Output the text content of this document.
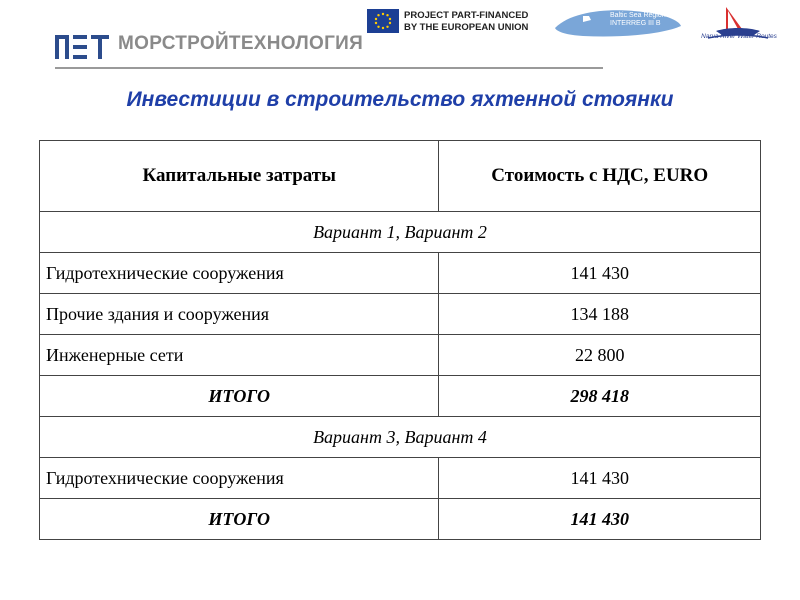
МОРСТРОЙТЕХНОЛОГИЯ
PROJECT PART-FINANCED
BY THE EUROPEAN UNION
Baltic Sea Region
INTERREG III B
Narva River Water Routes
Инвестиции в строительство яхтенной стоянки
Капитальные затраты	Стоимость с НДС, EURO
Вариант 1, Вариант 2	
Гидротехнические сооружения	141 430
Прочие здания и сооружения	134 188
Инженерные сети	22 800
ИТОГО	298 418
Вариант 3, Вариант 4	
Гидротехнические сооружения	141 430
ИТОГО	141 430
